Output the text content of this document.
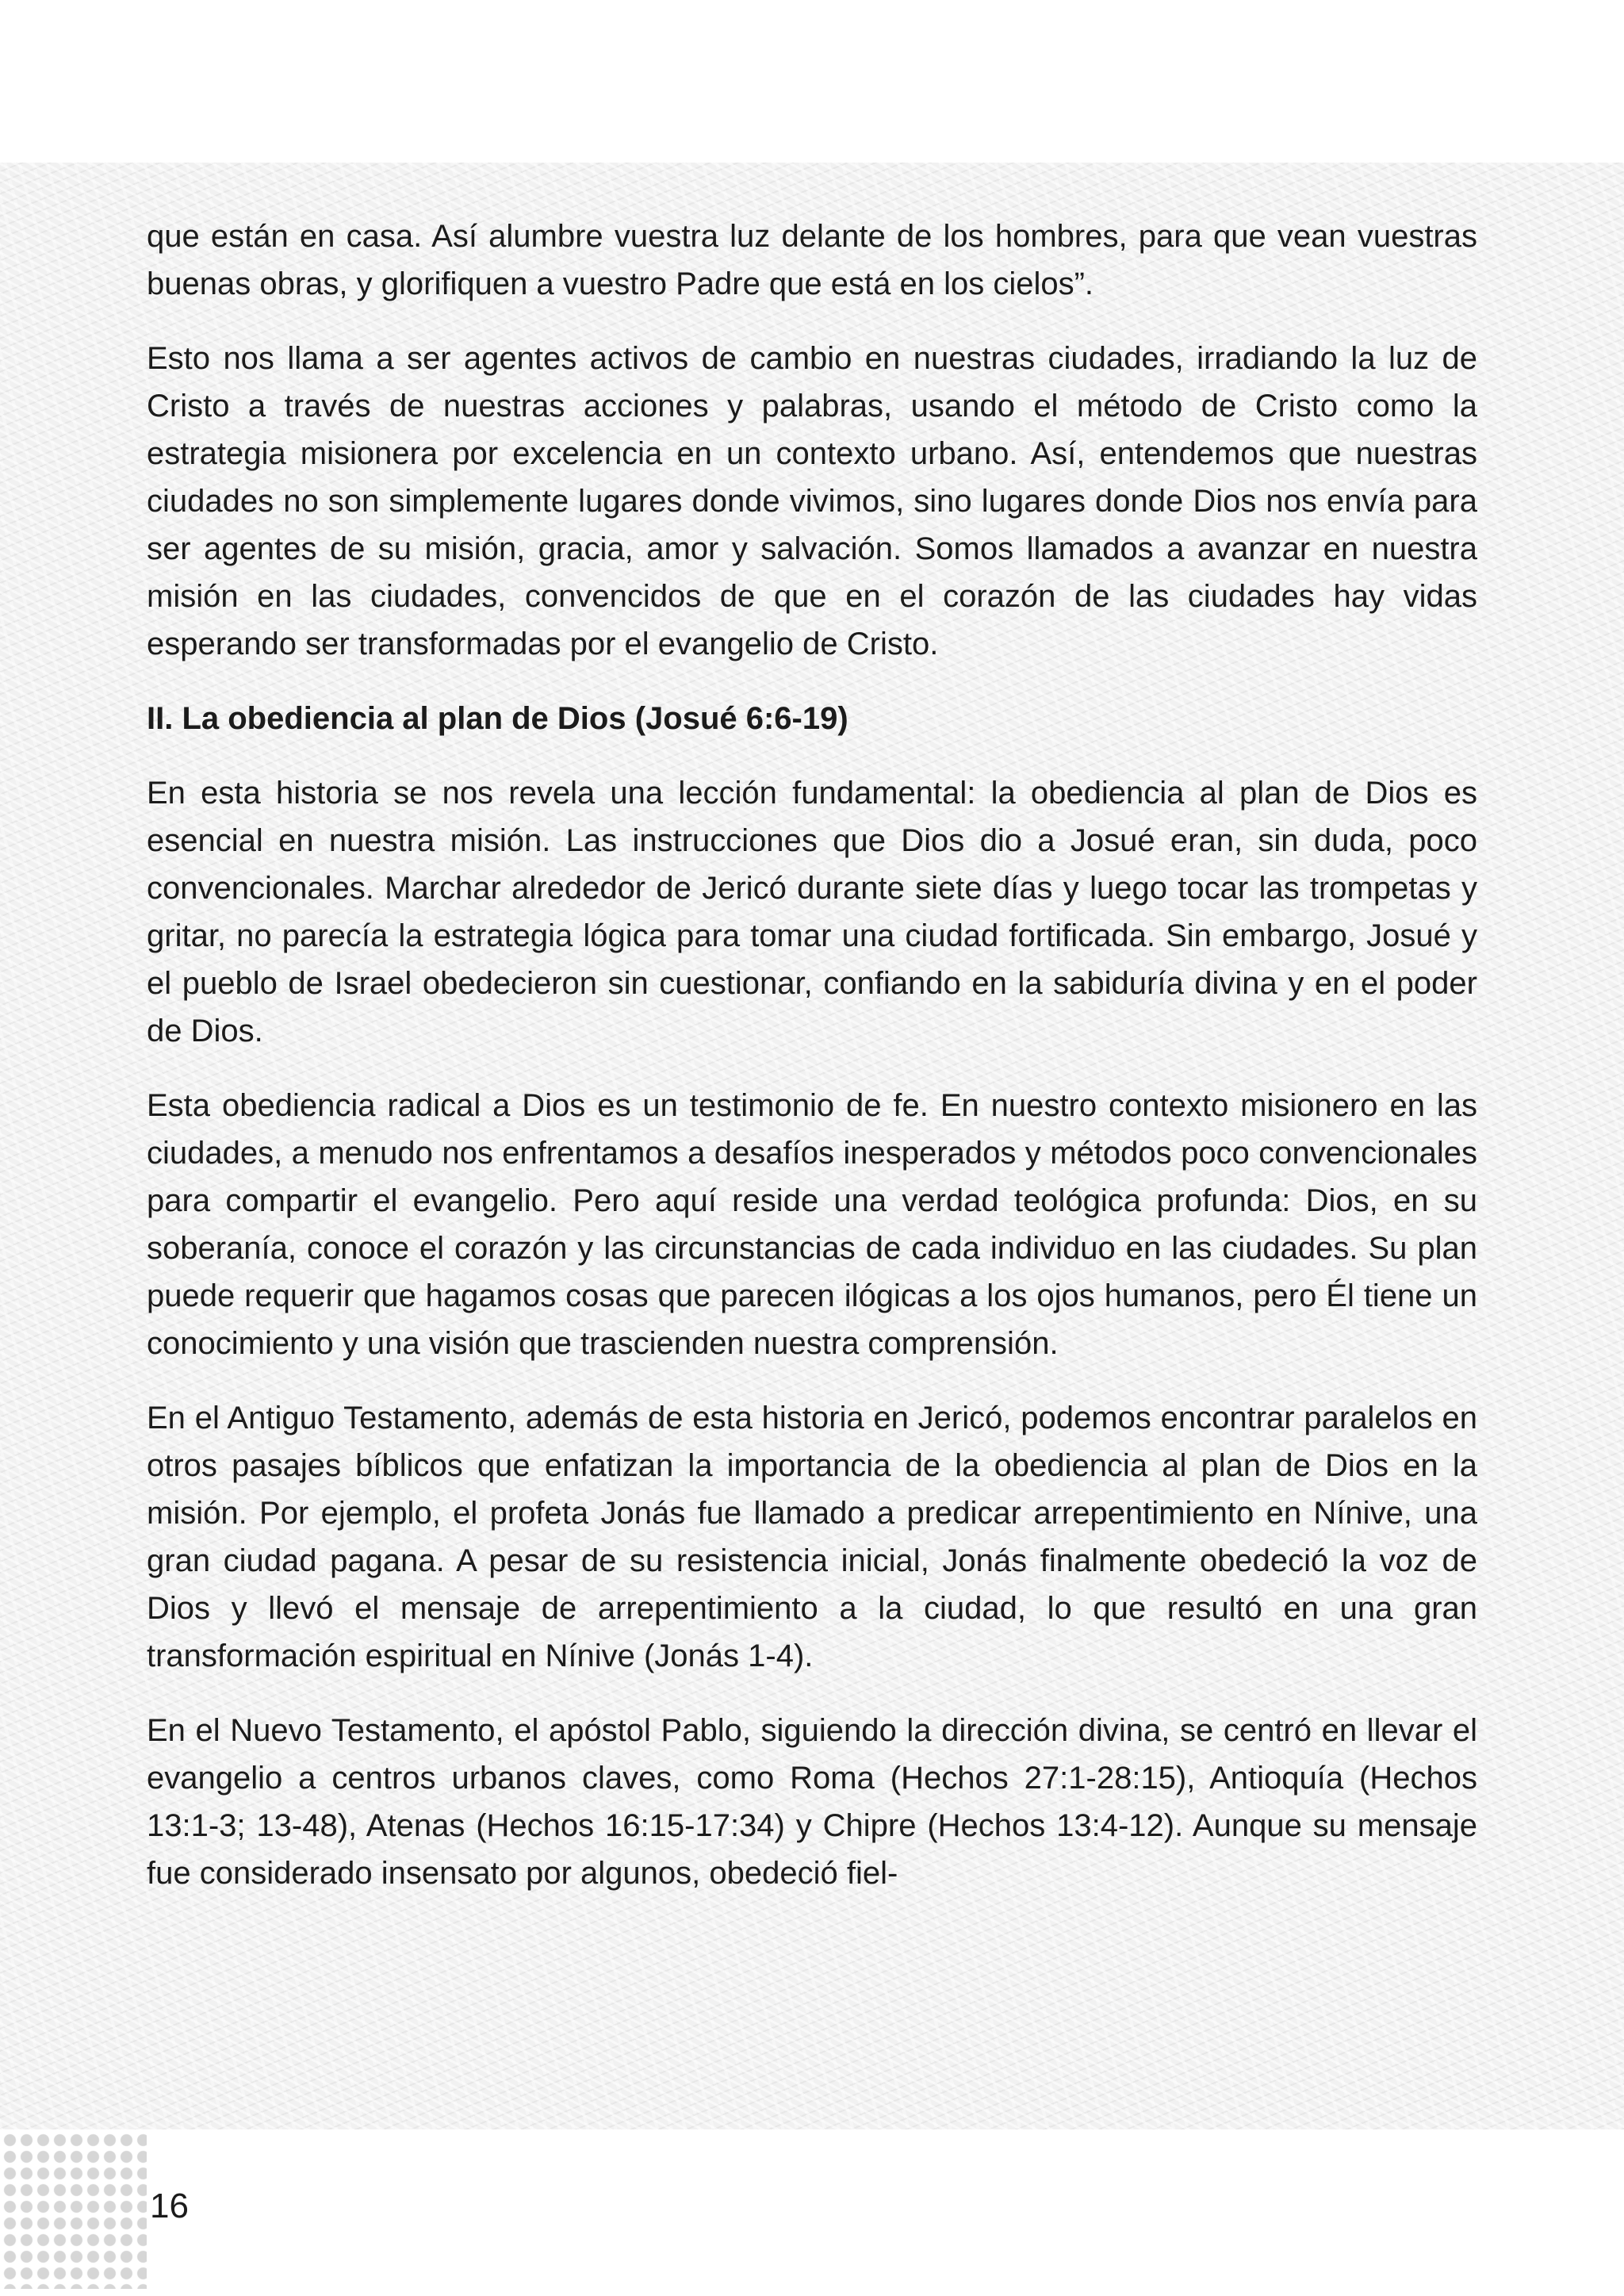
que están en casa. Así alumbre vuestra luz delante de los hombres, para que vean vuestras buenas obras, y glorifiquen a vuestro Padre que está en los cielos”.

Esto nos llama a ser agentes activos de cambio en nuestras ciudades, irradiando la luz de Cristo a través de nuestras acciones y palabras, usando el método de Cristo como la estrategia misionera por excelencia en un contexto urbano. Así, entendemos que nuestras ciudades no son simplemente lugares donde vivimos, sino lugares donde Dios nos envía para ser agentes de su misión, gracia, amor y salvación. Somos llamados a avanzar en nuestra misión en las ciudades, convencidos de que en el corazón de las ciudades hay vidas esperando ser transformadas por el evangelio de Cristo.

II. La obediencia al plan de Dios (Josué 6:6-19)

En esta historia se nos revela una lección fundamental: la obediencia al plan de Dios es esencial en nuestra misión. Las instrucciones que Dios dio a Josué eran, sin duda, poco convencionales. Marchar alrededor de Jericó durante siete días y luego tocar las trompetas y gritar, no parecía la estrategia lógica para tomar una ciudad fortificada. Sin embargo, Josué y el pueblo de Israel obedecieron sin cuestionar, confiando en la sabiduría divina y en el poder de Dios.

Esta obediencia radical a Dios es un testimonio de fe. En nuestro contexto misionero en las ciudades, a menudo nos enfrentamos a desafíos inesperados y métodos poco convencionales para compartir el evangelio. Pero aquí reside una verdad teológica profunda: Dios, en su soberanía, conoce el corazón y las circunstancias de cada individuo en las ciudades. Su plan puede requerir que hagamos cosas que parecen ilógicas a los ojos humanos, pero Él tiene un conocimiento y una visión que trascienden nuestra comprensión.

En el Antiguo Testamento, además de esta historia en Jericó, podemos encontrar paralelos en otros pasajes bíblicos que enfatizan la importancia de la obediencia al plan de Dios en la misión. Por ejemplo, el profeta Jonás fue llamado a predicar arrepentimiento en Nínive, una gran ciudad pagana. A pesar de su resistencia inicial, Jonás finalmente obedeció la voz de Dios y llevó el mensaje de arrepentimiento a la ciudad, lo que resultó en una gran transformación espiritual en Nínive (Jonás 1-4).

En el Nuevo Testamento, el apóstol Pablo, siguiendo la dirección divina, se centró en llevar el evangelio a centros urbanos claves, como Roma (Hechos 27:1-28:15), Antioquía (Hechos 13:1-3; 13-48), Atenas (Hechos 16:15-17:34) y Chipre (Hechos 13:4-12). Aunque su mensaje fue considerado insensato por algunos, obedeció fiel-

16
